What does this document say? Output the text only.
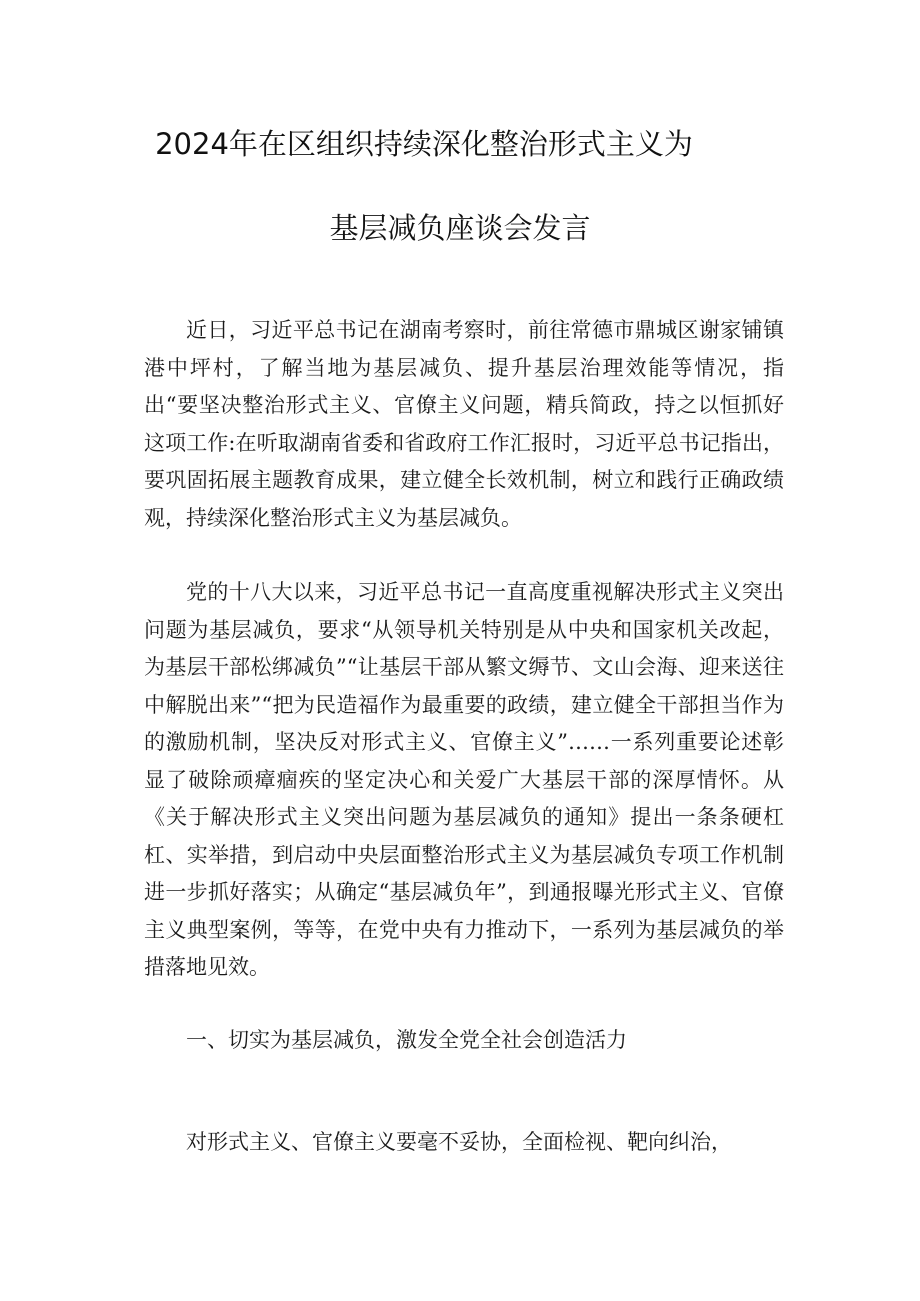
2024年在区组织持续深化整治形式主义为
基层减负座谈会发言

近日，习近平总书记在湖南考察时，前往常德市鼎城区谢家铺镇港中坪村，了解当地为基层减负、提升基层治理效能等情况，指出“要坚决整治形式主义、官僚主义问题，精兵简政，持之以恒抓好这项工作:在听取湖南省委和省政府工作汇报时，习近平总书记指出，要巩固拓展主题教育成果，建立健全长效机制，树立和践行正确政绩观，持续深化整治形式主义为基层减负。

党的十八大以来，习近平总书记一直高度重视解决形式主义突出问题为基层减负，要求“从领导机关特别是从中央和国家机关改起，为基层干部松绑减负”“让基层干部从繁文缛节、文山会海、迎来送往中解脱出来”“把为民造福作为最重要的政绩，建立健全干部担当作为的激励机制，坚决反对形式主义、官僚主义”……一系列重要论述彰显了破除顽瘴痼疾的坚定决心和关爱广大基层干部的深厚情怀。从《关于解决形式主义突出问题为基层减负的通知》提出一条条硬杠杠、实举措，到启动中央层面整治形式主义为基层减负专项工作机制进一步抓好落实；从确定“基层减负年”，到通报曝光形式主义、官僚主义典型案例，等等，在党中央有力推动下，一系列为基层减负的举措落地见效。

一、切实为基层减负，激发全党全社会创造活力
对形式主义、官僚主义要毫不妥协，全面检视、靶向纠治，
